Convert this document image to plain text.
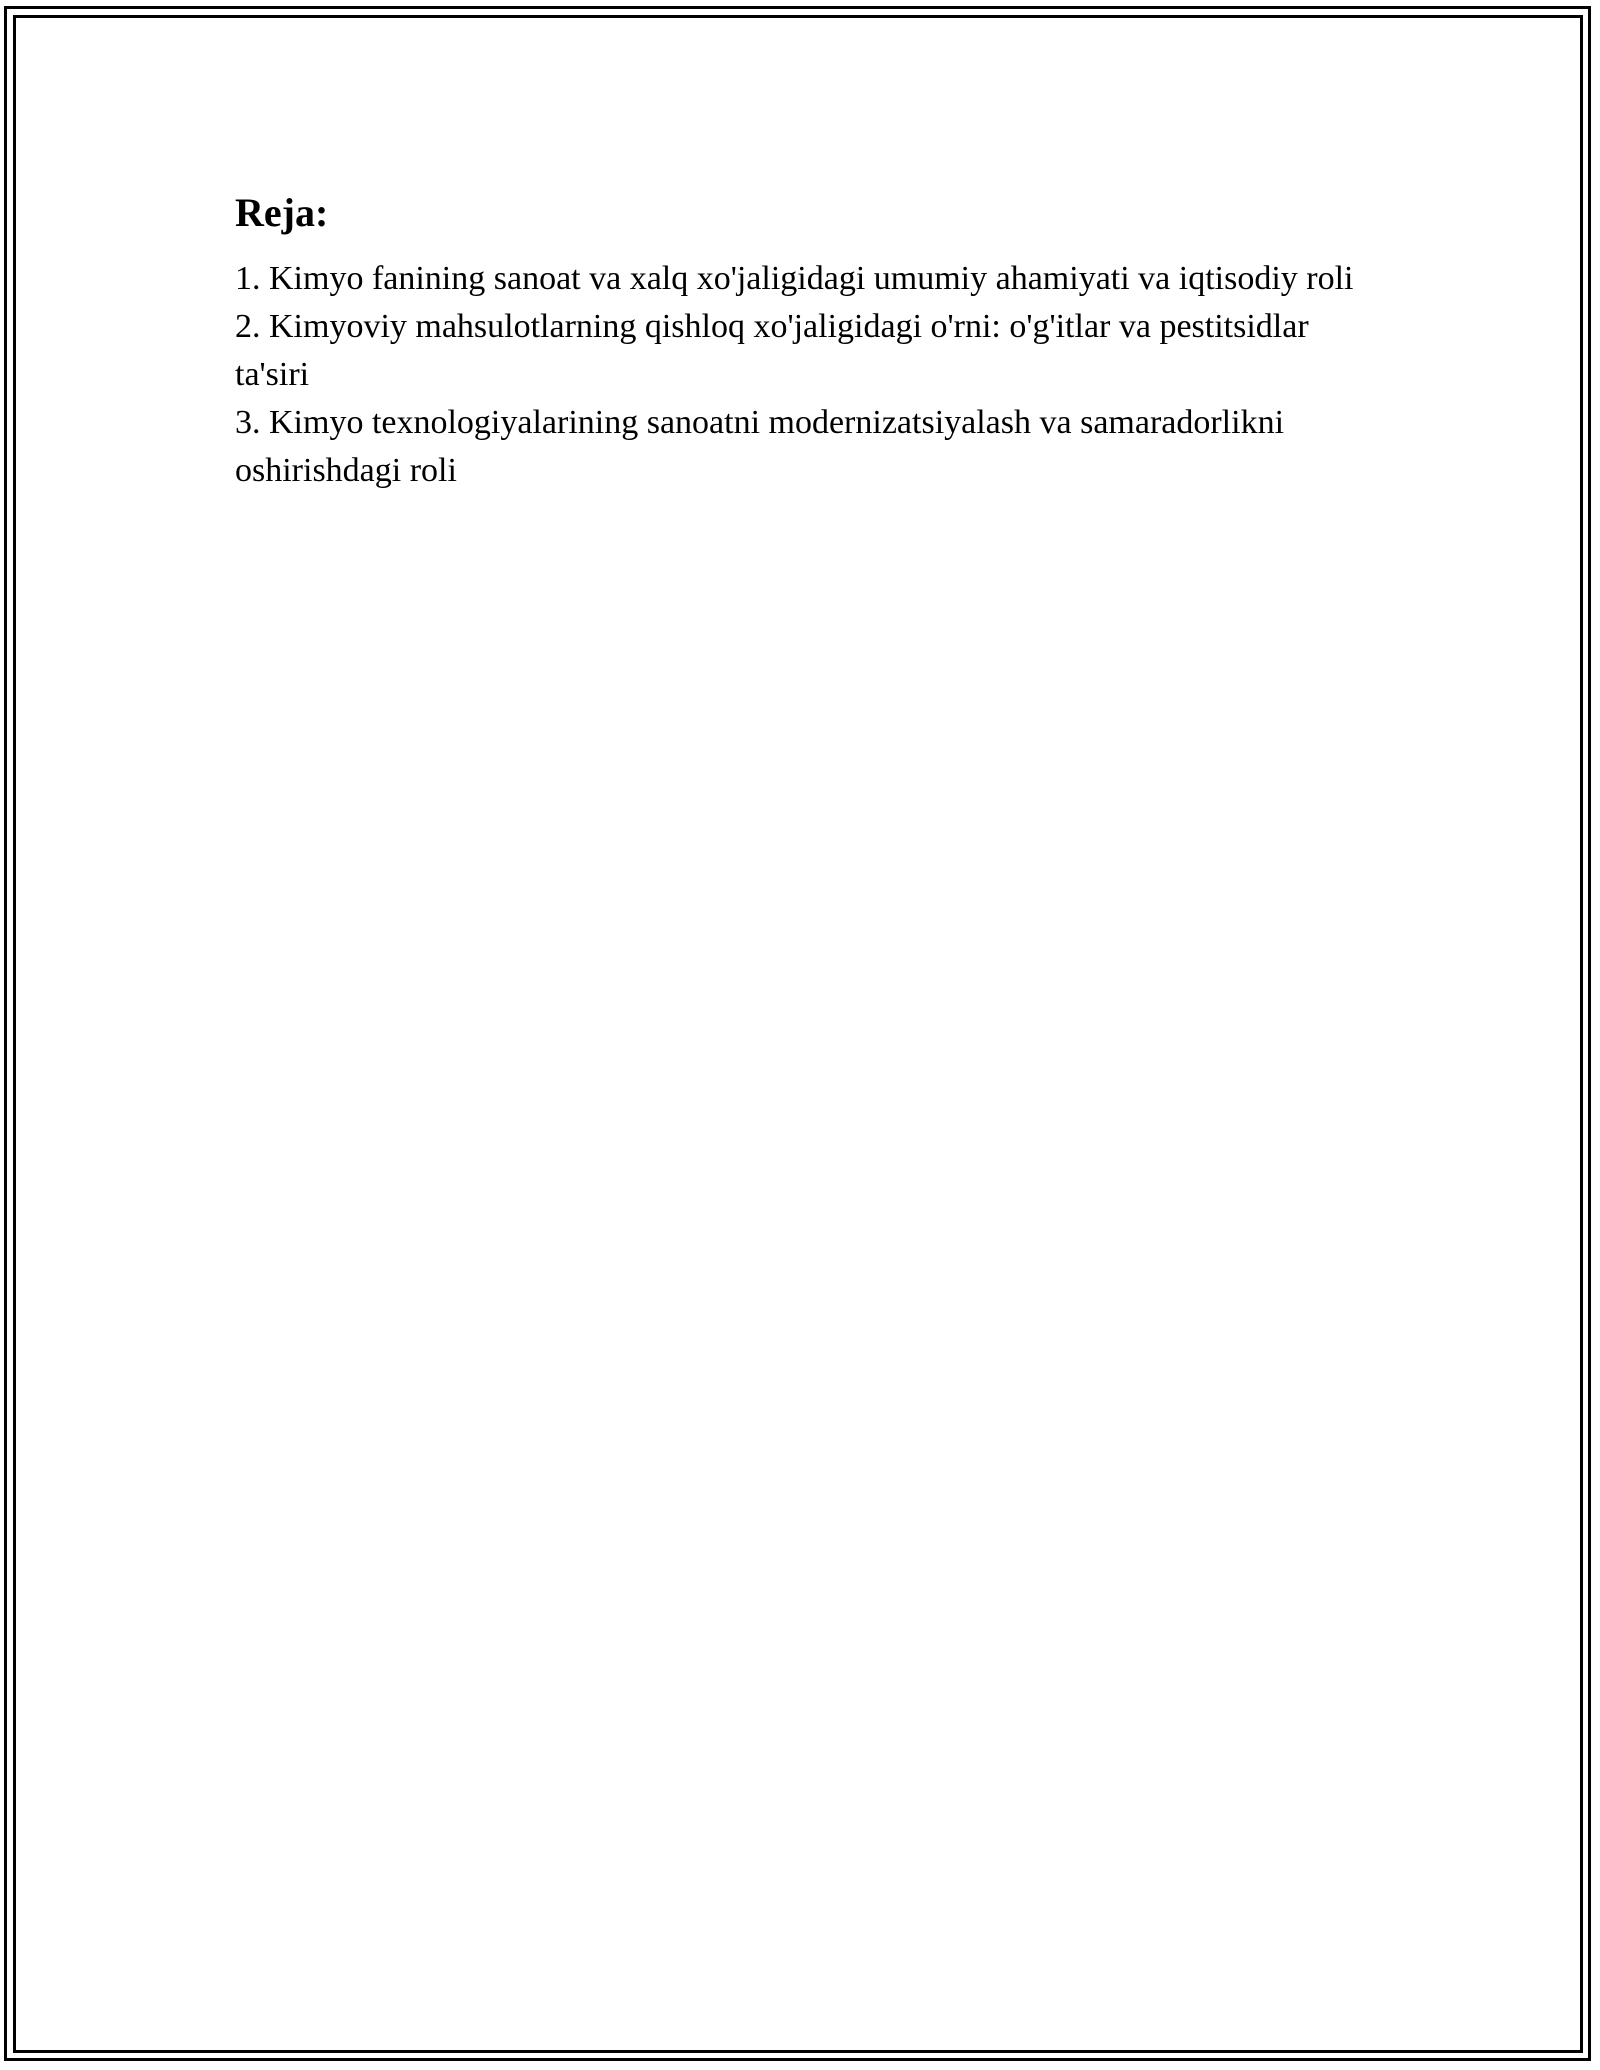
Reja:
1. Kimyo fanining sanoat va xalq xo'jaligidagi umumiy ahamiyati va iqtisodiy roli
2. Kimyoviy mahsulotlarning qishloq xo'jaligidagi o'rni: o'g'itlar va pestitsidlar ta'siri
3. Kimyo texnologiyalarining sanoatni modernizatsiyalash va samaradorlikni oshirishdagi roli
